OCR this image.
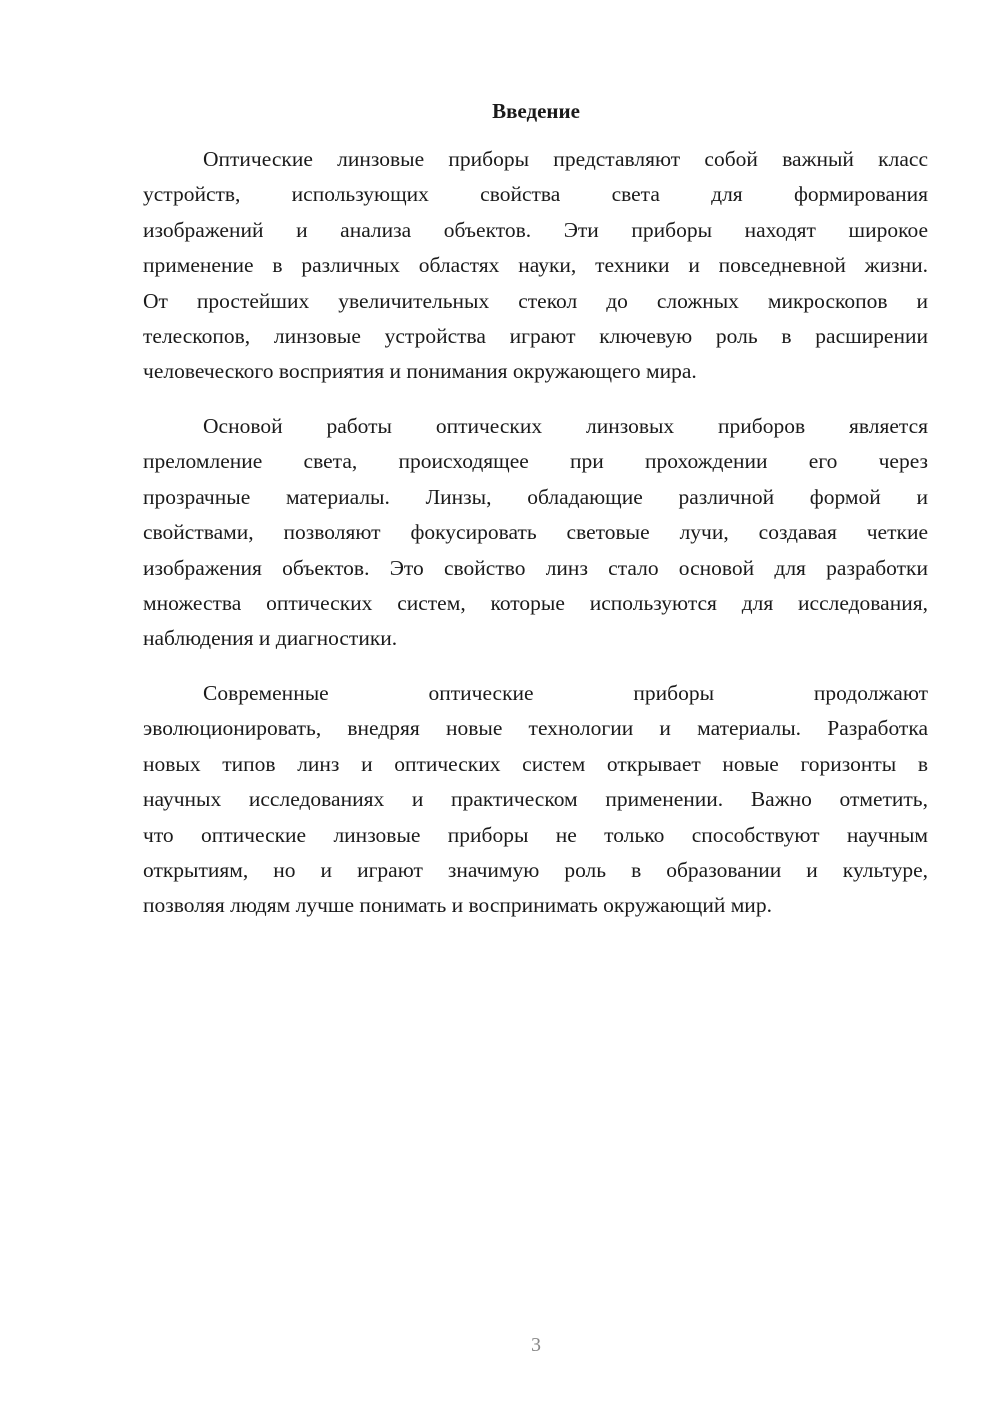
Введение
Оптические линзовые приборы представляют собой важный класс
устройств, использующих свойства света для формирования
изображений и анализа объектов. Эти приборы находят широкое
применение в различных областях науки, техники и повседневной жизни.
От простейших увеличительных стекол до сложных микроскопов и
телескопов, линзовые устройства играют ключевую роль в расширении
человеческого восприятия и понимания окружающего мира.
Основой работы оптических линзовых приборов является
преломление света, происходящее при прохождении его через
прозрачные материалы. Линзы, обладающие различной формой и
свойствами, позволяют фокусировать световые лучи, создавая четкие
изображения объектов. Это свойство линз стало основой для разработки
множества оптических систем, которые используются для исследования,
наблюдения и диагностики.
Современные оптические приборы продолжают
эволюционировать, внедряя новые технологии и материалы. Разработка
новых типов линз и оптических систем открывает новые горизонты в
научных исследованиях и практическом применении. Важно отметить,
что оптические линзовые приборы не только способствуют научным
открытиям, но и играют значимую роль в образовании и культуре,
позволяя людям лучше понимать и воспринимать окружающий мир.
3
